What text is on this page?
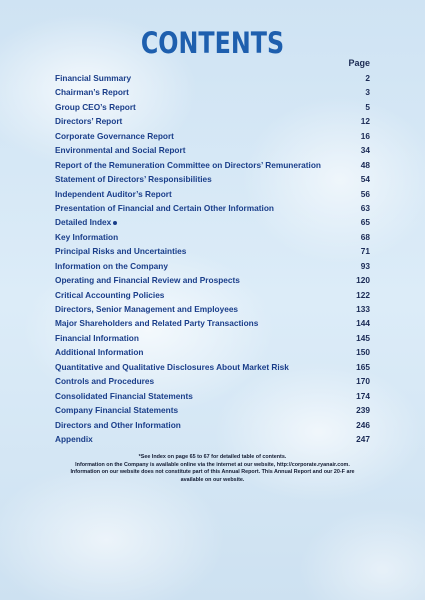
CONTENTS
Page
Financial Summary	2
Chairman’s Report	3
Group CEO’s Report	5
Directors’ Report	12
Corporate Governance Report	16
Environmental and Social Report	34
Report of the Remuneration Committee on Directors’ Remuneration	48
Statement of Directors’ Responsibilities	54
Independent Auditor’s Report	56
Presentation of Financial and Certain Other Information	63
Detailed Index	65
Key Information	68
Principal Risks and Uncertainties	71
Information on the Company	93
Operating and Financial Review and Prospects	120
Critical Accounting Policies	122
Directors, Senior Management and Employees	133
Major Shareholders and Related Party Transactions	144
Financial Information	145
Additional Information	150
Quantitative and Qualitative Disclosures About Market Risk	165
Controls and Procedures	170
Consolidated Financial Statements	174
Company Financial Statements	239
Directors and Other Information	246
Appendix	247
*See Index on page 65 to 67 for detailed table of contents.
Information on the Company is available online via the internet at our website, http://corporate.ryanair.com.
Information on our website does not constitute part of this Annual Report. This Annual Report and our 20-F are
available on our website.
